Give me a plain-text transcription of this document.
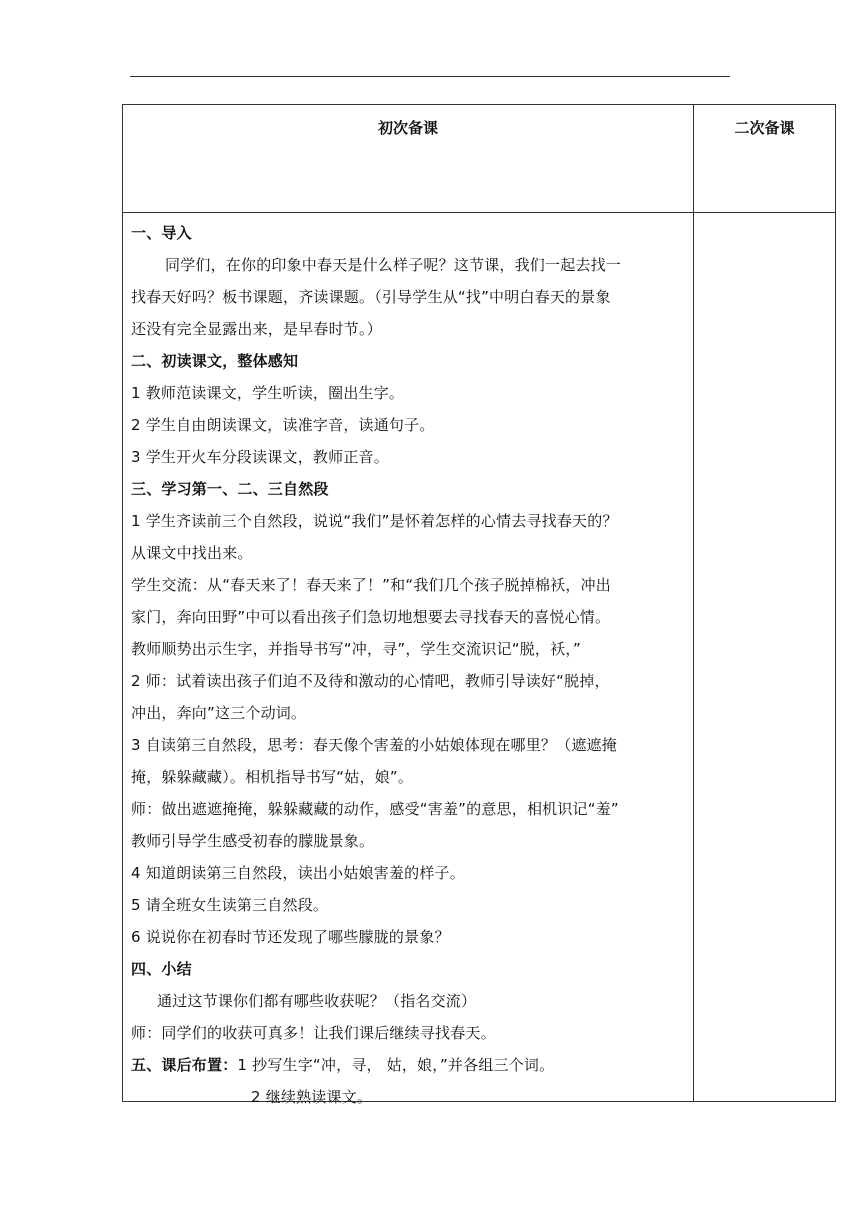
初次备课	二次备课
一、导入
同学们，在你的印象中春天是什么样子呢？这节课，我们一起去找一
找春天好吗？板书课题，齐读课题。（引导学生从“找”中明白春天的景象
还没有完全显露出来，是早春时节。）
二、初读课文，整体感知
1 教师范读课文，学生听读，圈出生字。
2 学生自由朗读课文，读准字音，读通句子。
3 学生开火车分段读课文，教师正音。
三、学习第一、二、三自然段
1 学生齐读前三个自然段，说说“我们”是怀着怎样的心情去寻找春天的？
从课文中找出来。
学生交流：从“春天来了！春天来了！”和“我们几个孩子脱掉棉袄，冲出
家门，奔向田野”中可以看出孩子们急切地想要去寻找春天的喜悦心情。
教师顺势出示生字，并指导书写“冲，寻”，学生交流识记“脱，袄，”
2 师：试着读出孩子们迫不及待和激动的心情吧，教师引导读好“脱掉，
冲出，奔向”这三个动词。
3 自读第三自然段，思考：春天像个害羞的小姑娘体现在哪里？（遮遮掩
掩，躲躲藏藏）。相机指导书写“姑，娘”。
师：做出遮遮掩掩，躲躲藏藏的动作，感受“害羞”的意思，相机识记“羞”
教师引导学生感受初春的朦胧景象。
4 知道朗读第三自然段，读出小姑娘害羞的样子。
5 请全班女生读第三自然段。
6 说说你在初春时节还发现了哪些朦胧的景象？
四、小结
通过这节课你们都有哪些收获呢？（指名交流）
师：同学们的收获可真多！让我们课后继续寻找春天。
五、课后布置：1 抄写生字“冲，寻， 姑，娘，”并各组三个词。
2 继续熟读课文。
